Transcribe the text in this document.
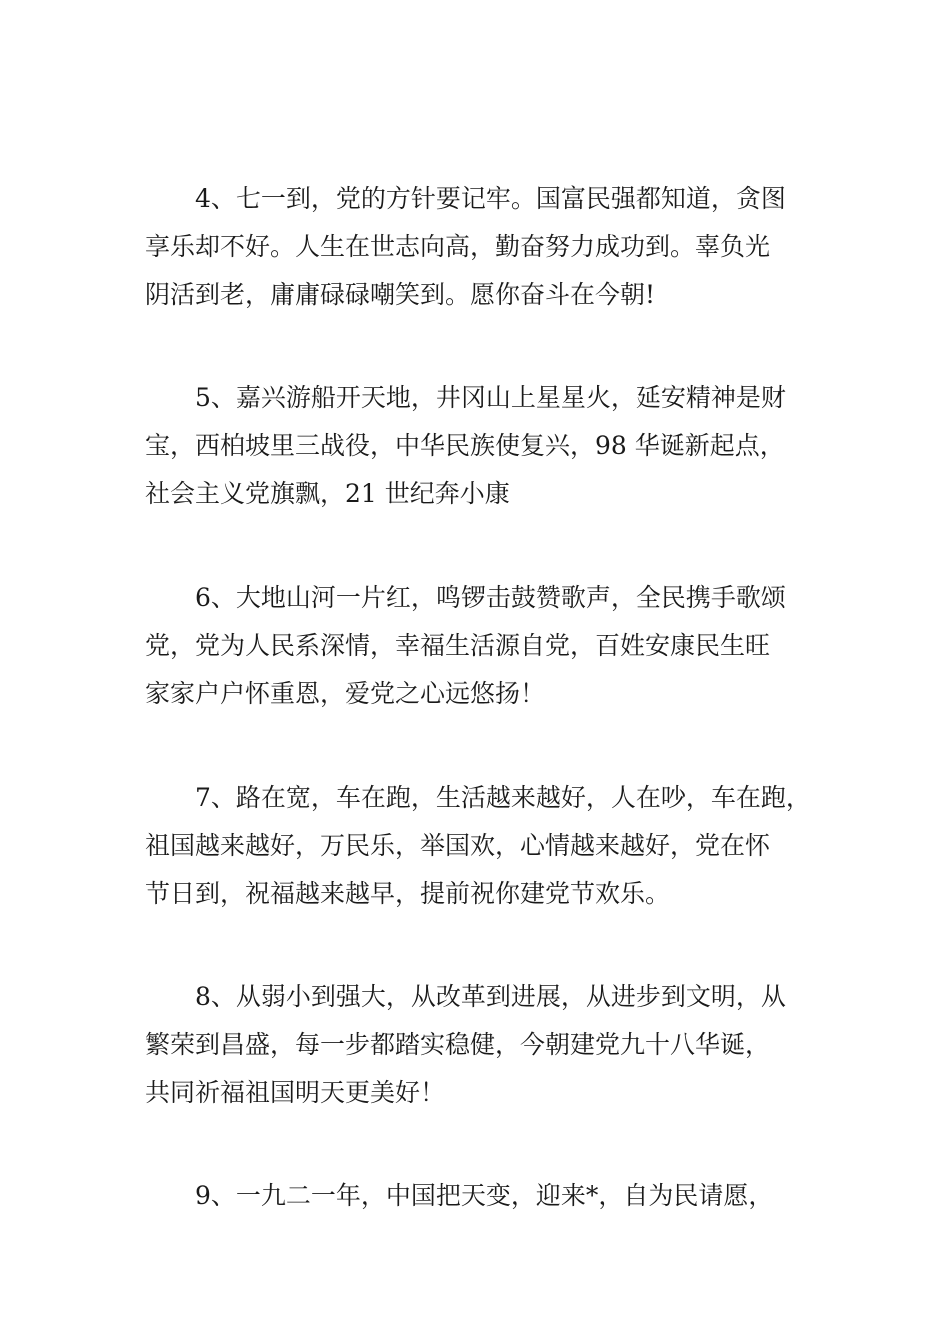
4、七一到，党的方针要记牢。国富民强都知道，贪图
享乐却不好。人生在世志向高，勤奋努力成功到。辜负光
阴活到老，庸庸碌碌嘲笑到。愿你奋斗在今朝!
5、嘉兴游船开天地，井冈山上星星火，延安精神是财
宝，西柏坡里三战役，中华民族使复兴，98 华诞新起点，
社会主义党旗飘，21 世纪奔小康
6、大地山河一片红，鸣锣击鼓赞歌声，全民携手歌颂
党，党为人民系深情，幸福生活源自党，百姓安康民生旺
家家户户怀重恩，爱党之心远悠扬！
7、路在宽，车在跑，生活越来越好，人在吵，车在跑，
祖国越来越好，万民乐，举国欢，心情越来越好，党在怀
节日到，祝福越来越早，提前祝你建党节欢乐。
8、从弱小到强大，从改革到进展，从进步到文明，从
繁荣到昌盛，每一步都踏实稳健，今朝建党九十八华诞，
共同祈福祖国明天更美好！
9、一九二一年，中国把天变，迎来*，自为民请愿，
